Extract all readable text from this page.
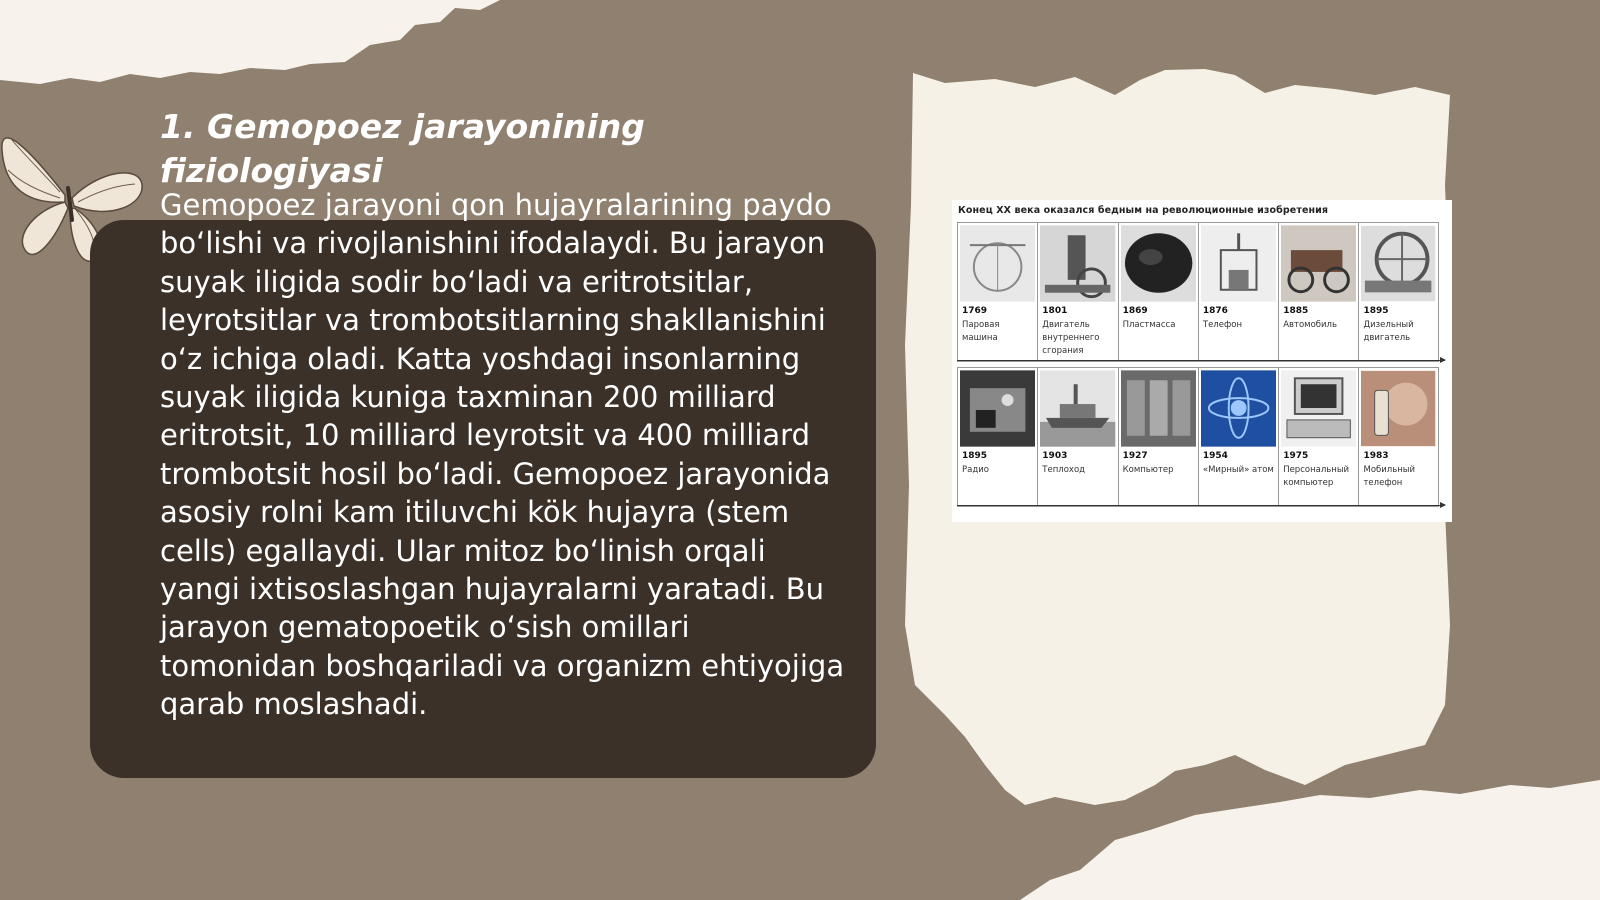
1. Gemopoez jarayonining fiziologiyasi

Gemopoez jarayoni qon hujayralarining paydo bo‘lishi va rivojlanishini ifodalaydi. Bu jarayon suyak iligida sodir bo‘ladi va eritrotsitlar, leyrotsitlar va trombotsitlarning shakllanishini o‘z ichiga oladi. Katta yoshdagi insonlarning suyak iligida kuniga taxminan 200 milliard eritrotsit, 10 milliard leyrotsit va 400 milliard trombotsit hosil bo‘ladi. Gemopoez jarayonida asosiy rolni kam itiluvchi kök hujayra (stem cells) egallaydi. Ular mitoz bo‘linish orqali yangi ixtisoslashgan hujayralarni yaratadi. Bu jarayon gematopoetik o‘sish omillari tomonidan boshqariladi va organizm ehtiyojiga qarab moslashadi.

Конец XX века оказался бедным на революционные изобретения
1769
Паровая машина
1801
Двигатель внутреннего сгорания
1869
Пластмасса
1876
Телефон
1885
Автомобиль
1895
Дизельный двигатель
1895
Радио
1903
Теплоход
1927
Компьютер
1954
«Мирный» атом
1975
Персональный компьютер
1983
Мобильный телефон
